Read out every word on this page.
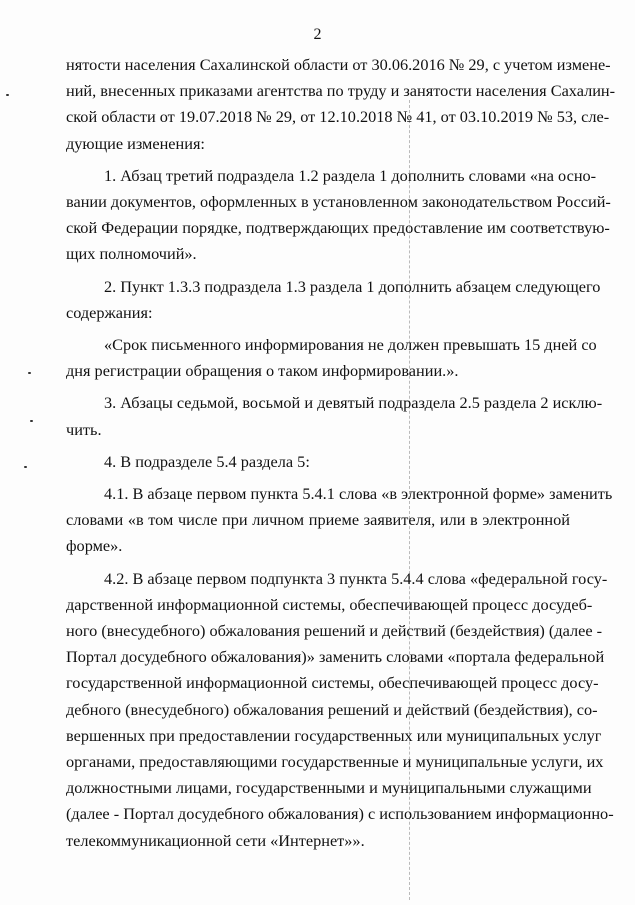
2

нятости населения Сахалинской области от 30.06.2016 № 29, с учетом измене-
ний, внесенных приказами агентства по труду и занятости населения Сахалин-
ской области от 19.07.2018 № 29, от 12.10.2018 № 41, от 03.10.2019 № 53, сле-
дующие изменения:

1. Абзац третий подраздела 1.2 раздела 1 дополнить словами «на осно-
вании документов, оформленных в установленном законодательством Россий-
ской Федерации порядке, подтверждающих предоставление им соответствую-
щих полномочий».

2. Пункт 1.3.3 подраздела 1.3 раздела 1 дополнить абзацем следующего
содержания:

«Срок письменного информирования не должен превышать 15 дней со
дня регистрации обращения о таком информировании.».

3. Абзацы седьмой, восьмой и девятый подраздела 2.5 раздела 2 исклю-
чить.

4. В подразделе 5.4 раздела 5:

4.1. В абзаце первом пункта 5.4.1 слова «в электронной форме» заменить
словами «в том числе при личном приеме заявителя, или в электронной
форме».

4.2. В абзаце первом подпункта 3 пункта 5.4.4 слова «федеральной госу-
дарственной информационной системы, обеспечивающей процесс досудеб-
ного (внесудебного) обжалования решений и действий (бездействия) (далее -
Портал досудебного обжалования)» заменить словами «портала федеральной
государственной информационной системы, обеспечивающей процесс досу-
дебного (внесудебного) обжалования решений и действий (бездействия), со-
вершенных при предоставлении государственных или муниципальных услуг
органами, предоставляющими государственные и муниципальные услуги, их
должностными лицами, государственными и муниципальными служащими
(далее - Портал досудебного обжалования) с использованием информационно-
телекоммуникационной сети «Интернет»».
